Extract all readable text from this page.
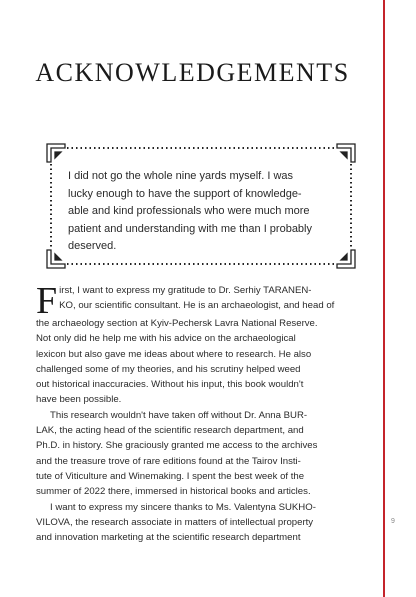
ACKNOWLEDGEMENTS

I did not go the whole nine yards myself. I was
lucky enough to have the support of knowledge-
able and kind professionals who were much more
patient and understanding with me than I probably
deserved.

F irst, I want to express my gratitude to Dr. Serhiy TARANEN-
KO, our scientific consultant. He is an archaeologist, and head of
the archaeology section at Kyiv-Pechersk Lavra National Reserve.
Not only did he help me with his advice on the archaeological
lexicon but also gave me ideas about where to research. He also
challenged some of my theories, and his scrutiny helped weed
out historical inaccuracies. Without his input, this book wouldn't
have been possible.
This research wouldn't have taken off without Dr. Anna BUR-
LAK, the acting head of the scientific research department, and
Ph.D. in history. She graciously granted me access to the archives
and the treasure trove of rare editions found at the Tairov Insti-
tute of Viticulture and Winemaking. I spent the best week of the
summer of 2022 there, immersed in historical books and articles.
I want to express my sincere thanks to Ms. Valentyna SUKHO-
VILOVA, the research associate in matters of intellectual property
and innovation marketing at the scientific research department
9
